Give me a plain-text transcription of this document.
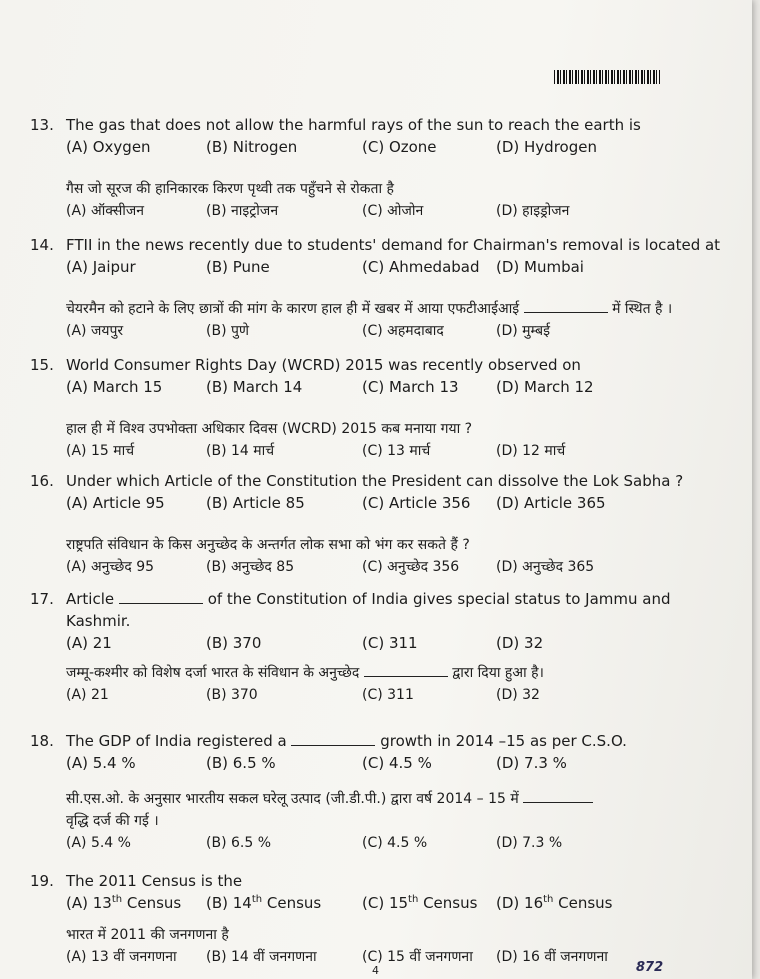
13. The gas that does not allow the harmful rays of the sun to reach the earth is
(A) Oxygen	(B) Nitrogen	(C) Ozone	(D) Hydrogen
गैस जो सूरज की हानिकारक किरण पृथ्वी तक पहुँचने से रोकता है
(A) ऑक्सीजन	(B) नाइट्रोजन	(C) ओजोन	(D) हाइड्रोजन
14. FTII in the news recently due to students' demand for Chairman's removal is located at
(A) Jaipur	(B) Pune	(C) Ahmedabad (D) Mumbai
चेयरमैन को हटाने के लिए छात्रों की मांग के कारण हाल ही में खबर में आया एफटीआईआई	में स्थित है ।
(A) जयपुर	(B) पुणे	(C) अहमदाबाद	(D) मुम्बई
15. World Consumer Rights Day (WCRD) 2015 was recently observed on
(A) March 15	(B) March 14	(C) March 13 (D) March 12
हाल ही में विश्व उपभोक्ता अधिकार दिवस (WCRD) 2015 कब मनाया गया ?
(A) 15 मार्च	(B) 14 मार्च	(C) 13 मार्च	(D) 12 मार्च
16. Under which Article of the Constitution the President can dissolve the Lok Sabha ?
(A) Article 95	(B) Article 85	(C) Article 356 (D) Article 365
राष्ट्रपति संविधान के किस अनुच्छेद के अन्तर्गत लोक सभा को भंग कर सकते हैं ?
(A) अनुच्छेद 95	(B) अनुच्छेद 85	(C) अनुच्छेद 356	(D) अनुच्छेद 365
17. Article	of the Constitution of India gives special status to Jammu and
Kashmir.
(A) 21	(B) 370	(C) 311	(D) 32
जम्मू-कश्मीर को विशेष दर्जा भारत के संविधान के अनुच्छेद	द्वारा दिया हुआ है।
(A) 21	(B) 370	(C) 311	(D) 32
18. The GDP of India registered a	growth in 2014 –15 as per C.S.O.
(A) 5.4 %	(B) 6.5 %	(C) 4.5 %	(D) 7.3 %
सी.एस.ओ. के अनुसार भारतीय सकल घरेलू उत्पाद (जी.डी.पी.) द्वारा वर्ष 2014 – 15 में
वृद्धि दर्ज की गई ।
(A) 5.4 %	(B) 6.5 %	(C) 4.5 %	(D) 7.3 %
19. The 2011 Census is the
(A) 13th Census (B) 14th Census	(C) 15th Census (D) 16th Census
भारत में 2011 की जनगणना है
(A) 13 वीं जनगणना (B) 14 वीं जनगणना	(C) 15 वीं जनगणना (D) 16 वीं जनगणना
4	872
